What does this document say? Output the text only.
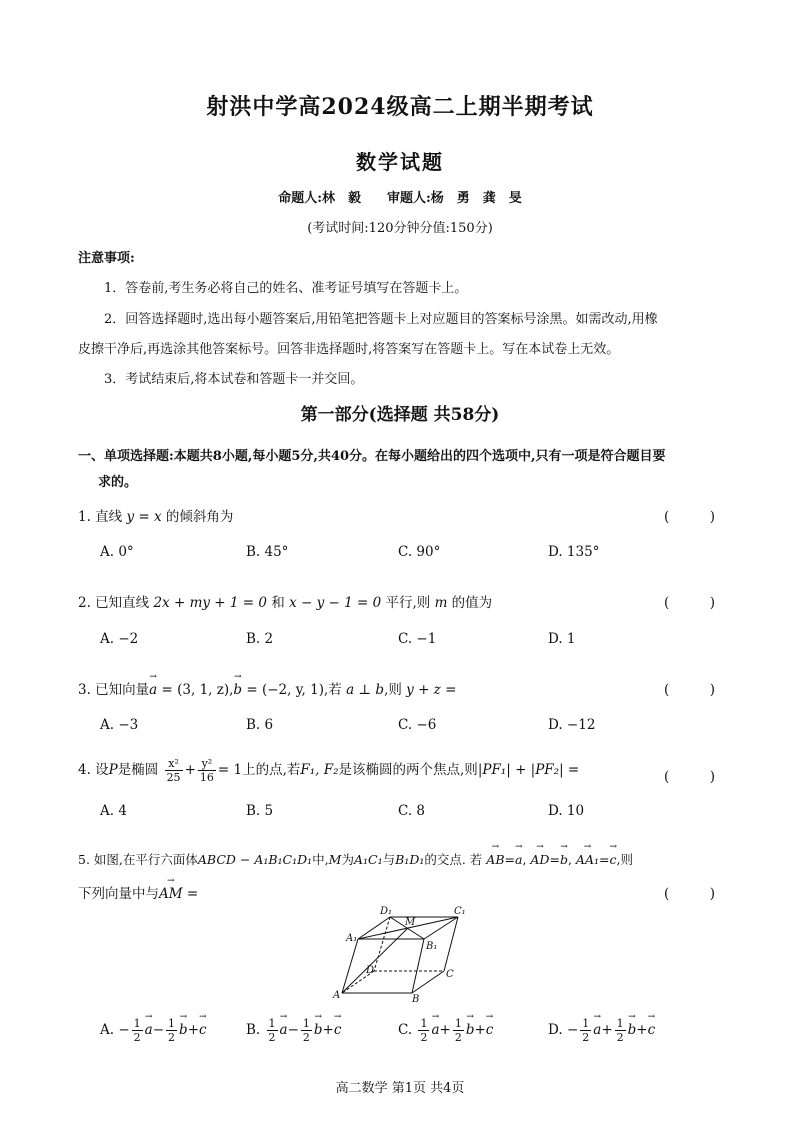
射洪中学高2024级高二上期半期考试
数学试题
命题人:林　毅　　审题人:杨　勇　龚　旻
(考试时间:120分钟分值:150分)
注意事项:
1．答卷前,考生务必将自己的姓名、准考证号填写在答题卡上。
2．回答选择题时,选出每小题答案后,用铅笔把答题卡上对应题目的答案标号涂黑。如需改动,用橡
皮擦干净后,再选涂其他答案标号。回答非选择题时,将答案写在答题卡上。写在本试卷上无效。
3．考试结束后,将本试卷和答题卡一并交回。
第一部分(选择题 共58分)
一、单项选择题:本题共8小题,每小题5分,共40分。在每小题给出的四个选项中,只有一项是符合题目要
求的。
1. 直线 y = x 的倾斜角为	(　　　)
A. 0°	B. 45°	C. 90°	D. 135°
2. 已知直线 2x + my + 1 = 0 和 x − y − 1 = 0 平行,则 m 的值为	(　　　)
A. −2	B. 2	C. −1	D. 1
3. 已知向量→ a = (3, 1, z),→ b = (−2, y, 1),若 a ⊥ b,则 y + z =	(　　　)
A. −3	B. 6	C. −6	D. −12
4. 设P是椭圆 $\frac{\text{x²}}{25} + \frac{\text{y²}}{16} = 1$上的点,若F₁, F₂是该椭圆的两个焦点,则|PF₁| + |PF₂| =	(　　　)
A. 4	B. 5	C. 8	D. 10
5. 如图,在平行六面体ABCD − A₁B₁C₁D₁中,M为A₁C₁与B₁D₁的交点. 若 → AB=→ a, → AD=→ b, → AA₁=→ c,则
下列向量中与→ AM =	(　　　)
D₁	C₁
M
A₁
B₁
D	C
A	B
A. − $\frac{1}{2}$
→ $a- \frac{1}{2}$
→ b+→ c	B. $\frac{1}{2}$
→ $a- \frac{1}{2}$
→ b+→ c	C. $\frac{1}{2}$
→ $a+ \frac{1}{2}$
→ b+→ c	D. − $\frac{1}{2}$
→ $a+ \frac{1}{2}$
→ b+→ c
高二数学 第1页 共4页
